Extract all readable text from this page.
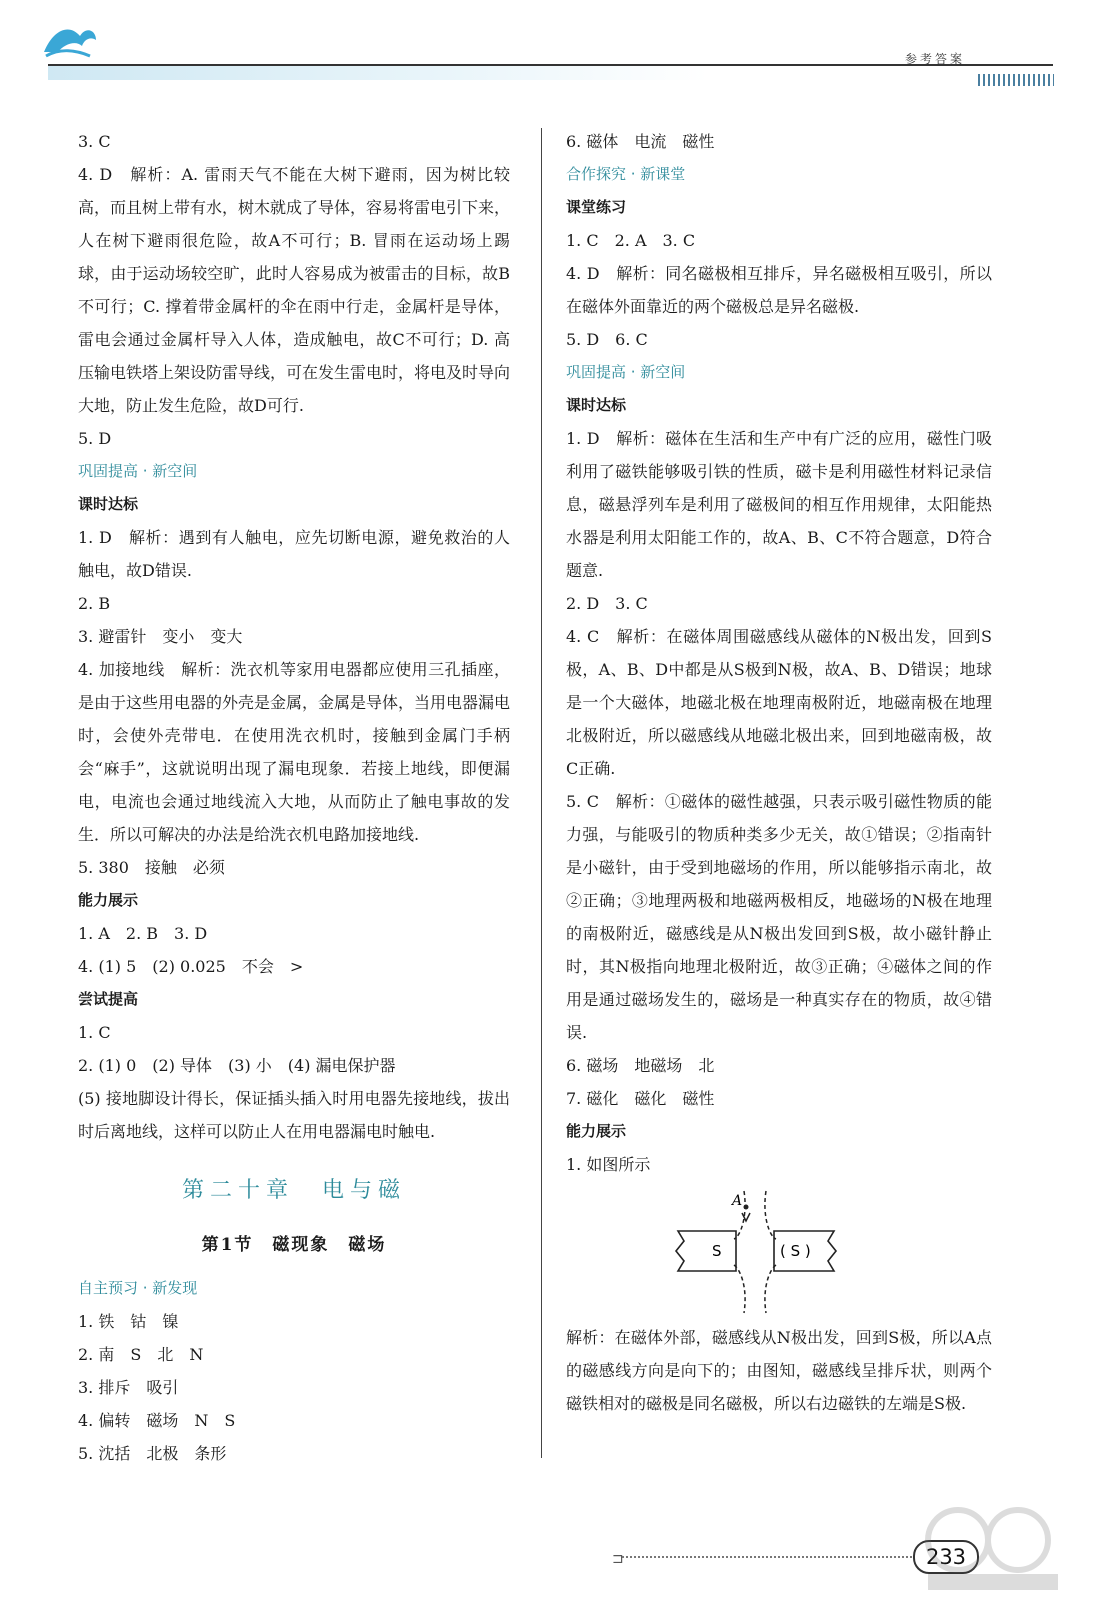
参考答案

3. C

4. D　解析：A. 雷雨天气不能在大树下避雨，因为树比较高，而且树上带有水，树木就成了导体，容易将雷电引下来，人在树下避雨很危险，故A不可行；B. 冒雨在运动场上踢球，由于运动场较空旷，此时人容易成为被雷击的目标，故B不可行；C. 撑着带金属杆的伞在雨中行走，金属杆是导体，雷电会通过金属杆导入人体，造成触电，故C不可行；D. 高压输电铁塔上架设防雷导线，可在发生雷电时，将电及时导向大地，防止发生危险，故D可行.

5. D

巩固提高 · 新空间

课时达标

1. D　解析：遇到有人触电，应先切断电源，避免救治的人触电，故D错误.

2. B

3. 避雷针　变小　变大

4. 加接地线　解析：洗衣机等家用电器都应使用三孔插座，是由于这些用电器的外壳是金属，金属是导体，当用电器漏电时，会使外壳带电．在使用洗衣机时，接触到金属门手柄会“麻手”，这就说明出现了漏电现象．若接上地线，即便漏电，电流也会通过地线流入大地，从而防止了触电事故的发生．所以可解决的办法是给洗衣机电路加接地线.

5. 380　接触　必须

能力展示

1. A　2. B　3. D

4. (1) 5　(2) 0.025　不会　>

尝试提高

1. C

2. (1) 0　(2) 导体　(3) 小　(4) 漏电保护器

(5) 接地脚设计得长，保证插头插入时用电器先接地线，拔出时后离地线，这样可以防止人在用电器漏电时触电.

第二十章　电与磁
第1节　磁现象　磁场

自主预习 · 新发现

1. 铁　钴　镍

2. 南　S　北　N

3. 排斥　吸引

4. 偏转　磁场　N　S

5. 沈括　北极　条形

6. 磁体　电流　磁性

合作探究 · 新课堂

课堂练习

1. C　2. A　3. C

4. D　解析：同名磁极相互排斥，异名磁极相互吸引，所以在磁体外面靠近的两个磁极总是异名磁极.

5. D　6. C

巩固提高 · 新空间

课时达标

1. D　解析：磁体在生活和生产中有广泛的应用，磁性门吸利用了磁铁能够吸引铁的性质，磁卡是利用磁性材料记录信息，磁悬浮列车是利用了磁极间的相互作用规律，太阳能热水器是利用太阳能工作的，故A、B、C不符合题意，D符合题意.

2. D　3. C

4. C　解析：在磁体周围磁感线从磁体的N极出发，回到S极，A、B、D中都是从S极到N极，故A、B、D错误；地球是一个大磁体，地磁北极在地理南极附近，地磁南极在地理北极附近，所以磁感线从地磁北极出来，回到地磁南极，故C正确.

5. C　解析：①磁体的磁性越强，只表示吸引磁性物质的能力强，与能吸引的物质种类多少无关，故①错误；②指南针是小磁针，由于受到地磁场的作用，所以能够指示南北，故②正确；③地理两极和地磁两极相反，地磁场的N极在地理的南极附近，磁感线是从N极出发回到S极，故小磁针静止时，其N极指向地理北极附近，故③正确；④磁体之间的作用是通过磁场发生的，磁场是一种真实存在的物质，故④错误.

6. 磁场　地磁场　北

7. 磁化　磁化　磁性

能力展示

1. 如图所示

S	( S )
A

解析：在磁体外部，磁感线从N极出发，回到S极，所以A点的磁感线方向是向下的；由图知，磁感线呈排斥状，则两个磁铁相对的磁极是同名磁极，所以右边磁铁的左端是S极.

⊐	233
